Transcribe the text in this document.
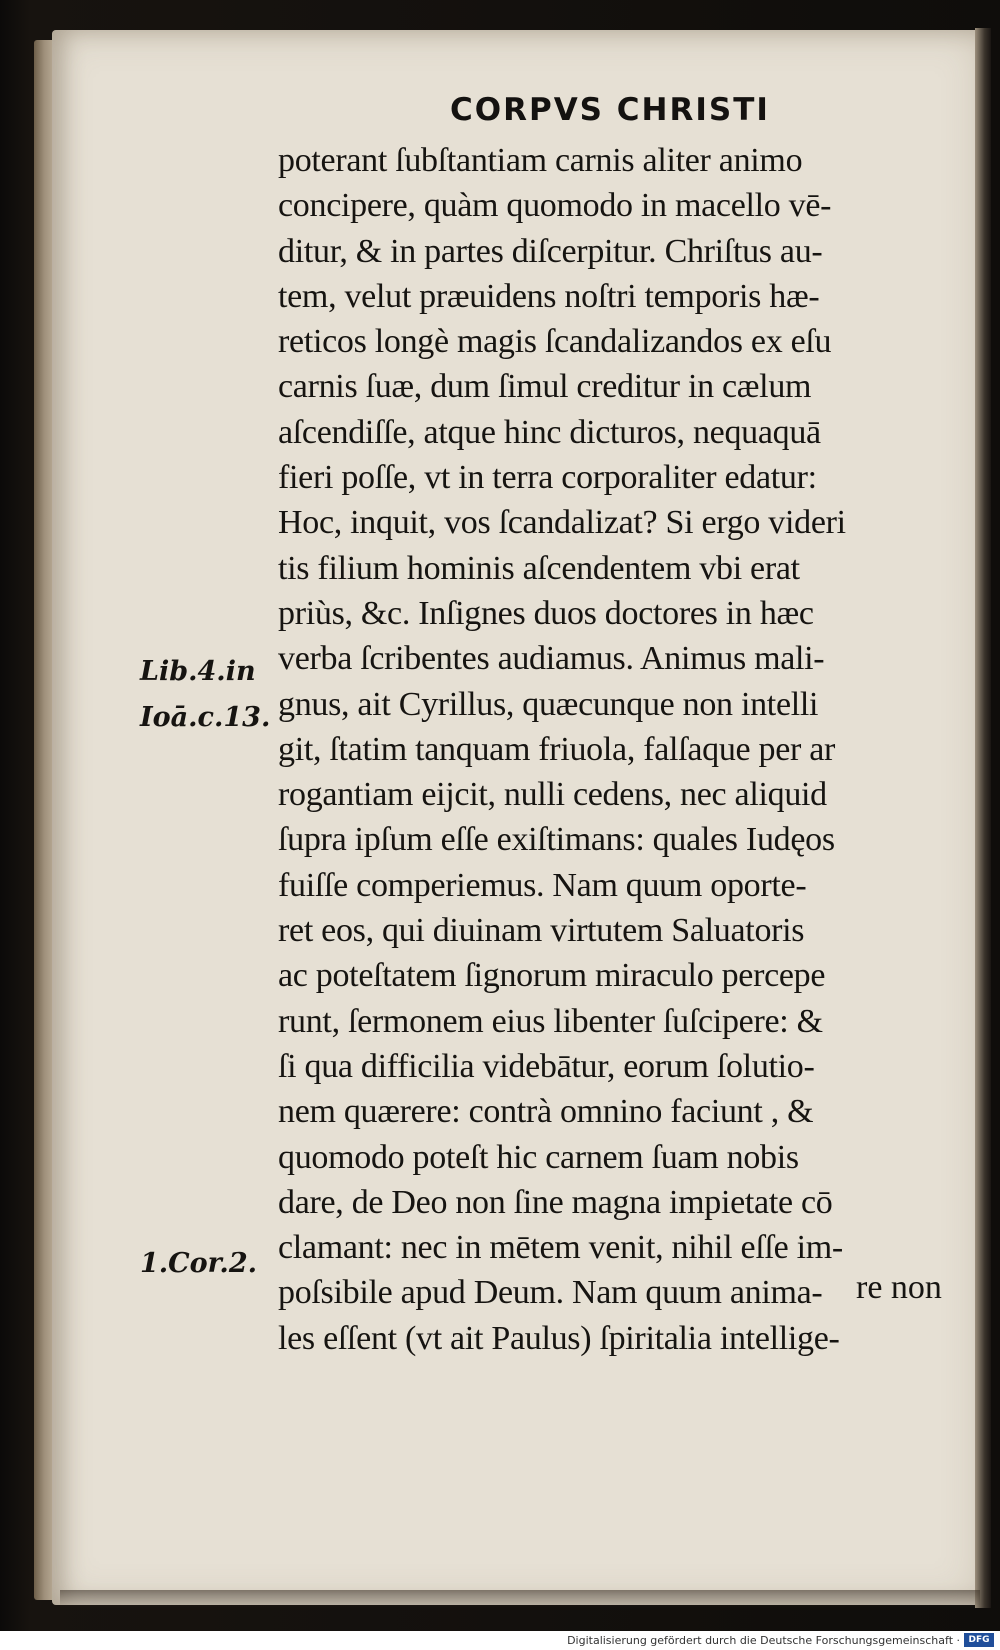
CORPVS CHRISTI
poterant ſubſtantiam carnis aliter animo
concipere, quàm quomodo in macello vē-
ditur, & in partes diſcerpitur. Chriſtus au-
tem, velut præuidens noſtri temporis hæ-
reticos longè magis ſcandalizandos ex eſu
carnis ſuæ, dum ſimul creditur in cælum
aſcendiſſe, atque hinc dicturos, nequaquā
fieri poſſe, vt in terra corporaliter edatur:
Hoc, inquit, vos ſcandalizat? Si ergo videri
tis filium hominis aſcendentem vbi erat
priùs, &c. Inſignes duos doctores in hæc
verba ſcribentes audiamus. Animus mali-
gnus, ait Cyrillus, quæcunque non intelli
git, ſtatim tanquam friuola, falſaque per ar
rogantiam eijcit, nulli cedens, nec aliquid
ſupra ipſum eſſe exiſtimans: quales Iudęos
fuiſſe comperiemus. Nam quum oporte-
ret eos, qui diuinam virtutem Saluatoris
ac poteſtatem ſignorum miraculo percepe
runt, ſermonem eius libenter ſuſcipere: &
ſi qua difficilia videbātur, eorum ſolutio-
nem quærere: contrà omnino faciunt , &
quomodo poteſt hic carnem ſuam nobis
dare, de Deo non ſine magna impietate cō
clamant: nec in mētem venit, nihil eſſe im-
poſsibile apud Deum. Nam quum anima-
les eſſent (vt ait Paulus) ſpiritalia intellige-
re non
Lib.4.in
Ioā.c.13.
1.Cor.2.
Digitalisierung gefördert durch die Deutsche Forschungsgemeinschaft · DFG
